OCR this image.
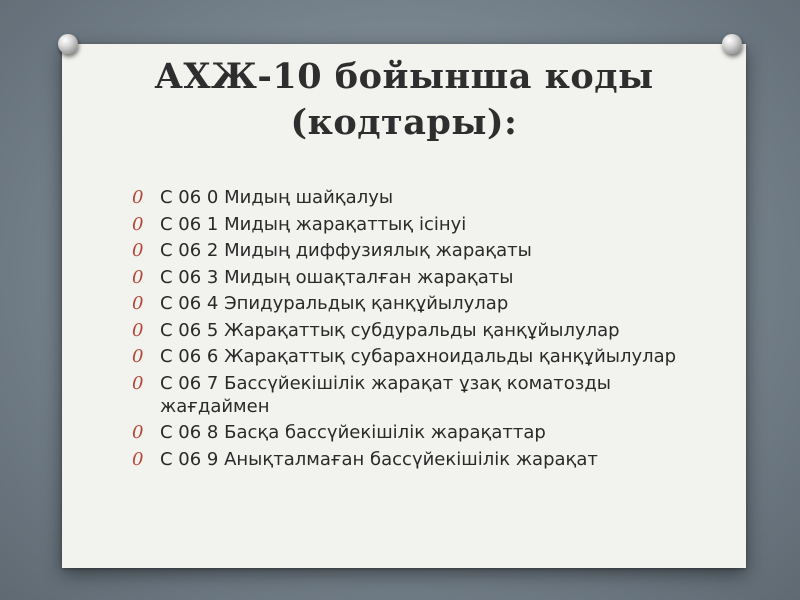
АХЖ-10 бойынша коды
(кодтары):
0 С 06 0 Мидың шайқалуы
0 С 06 1 Мидың жарақаттық ісінуі
0 С 06 2 Мидың диффузиялық жарақаты
0 С 06 3 Мидың ошақталған жарақаты
0 С 06 4 Эпидуральдық қанқұйылулар
0 С 06 5 Жарақаттық субдуральды қанқұйылулар
0 С 06 6 Жарақаттық субарахноидальды қанқұйылулар
0 С 06 7 Бассүйекішілік жарақат ұзақ коматозды жағдаймен
0 С 06 8 Басқа бассүйекішілік жарақаттар
0 С 06 9 Анықталмаған бассүйекішілік жарақат
